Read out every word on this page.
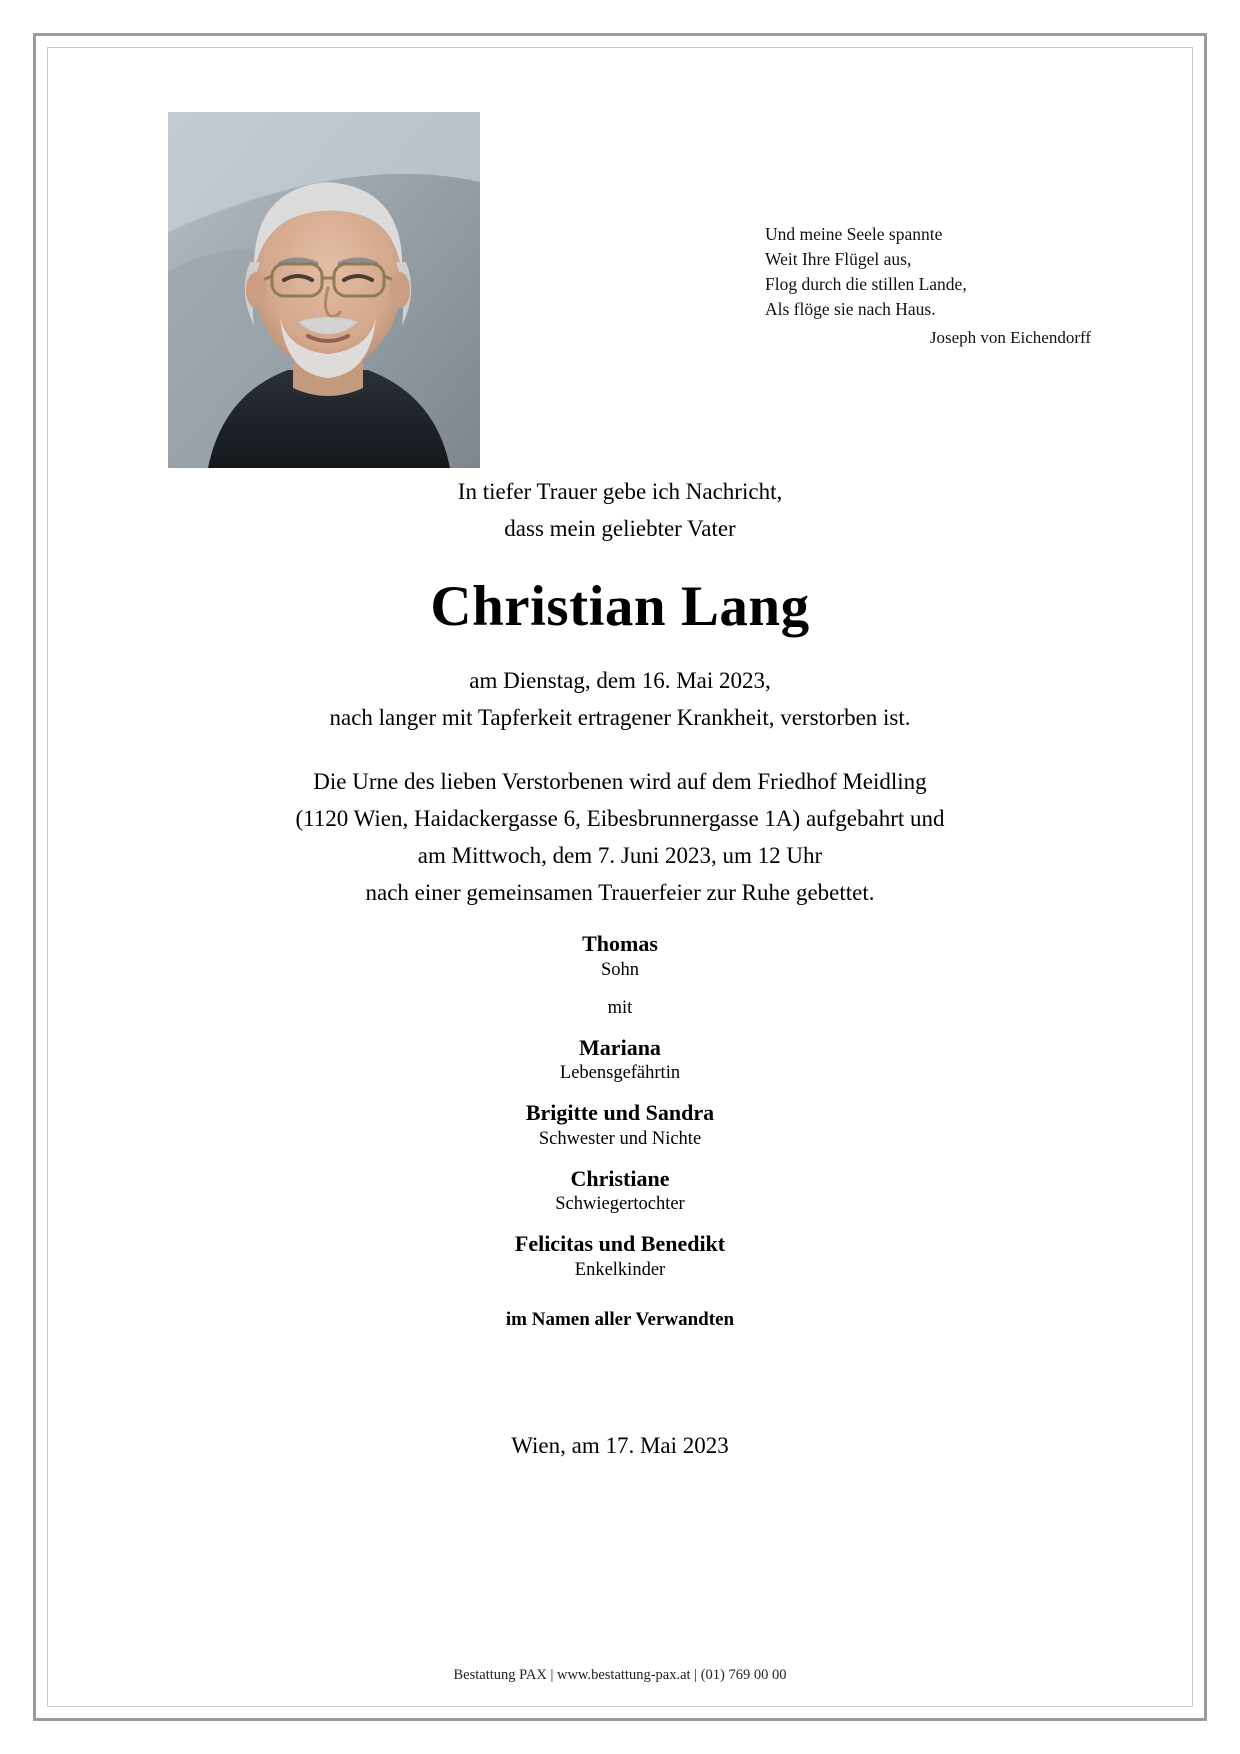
Und meine Seele spannte
Weit Ihre Flügel aus,
Flog durch die stillen Lande,
Als flöge sie nach Haus.
Joseph von Eichendorff
In tiefer Trauer gebe ich Nachricht,
dass mein geliebter Vater
Christian Lang
am Dienstag, dem 16. Mai 2023,
nach langer mit Tapferkeit ertragener Krankheit, verstorben ist.
Die Urne des lieben Verstorbenen wird auf dem Friedhof Meidling
(1120 Wien, Haidackergasse 6, Eibesbrunnergasse 1A) aufgebahrt und
am Mittwoch, dem 7. Juni 2023, um 12 Uhr
nach einer gemeinsamen Trauerfeier zur Ruhe gebettet.
Thomas
Sohn
mit
Mariana
Lebensgefährtin
Brigitte und Sandra
Schwester und Nichte
Christiane
Schwiegertochter
Felicitas und Benedikt
Enkelkinder
im Namen aller Verwandten
Wien, am 17. Mai 2023
Bestattung PAX | www.bestattung-pax.at | (01) 769 00 00
